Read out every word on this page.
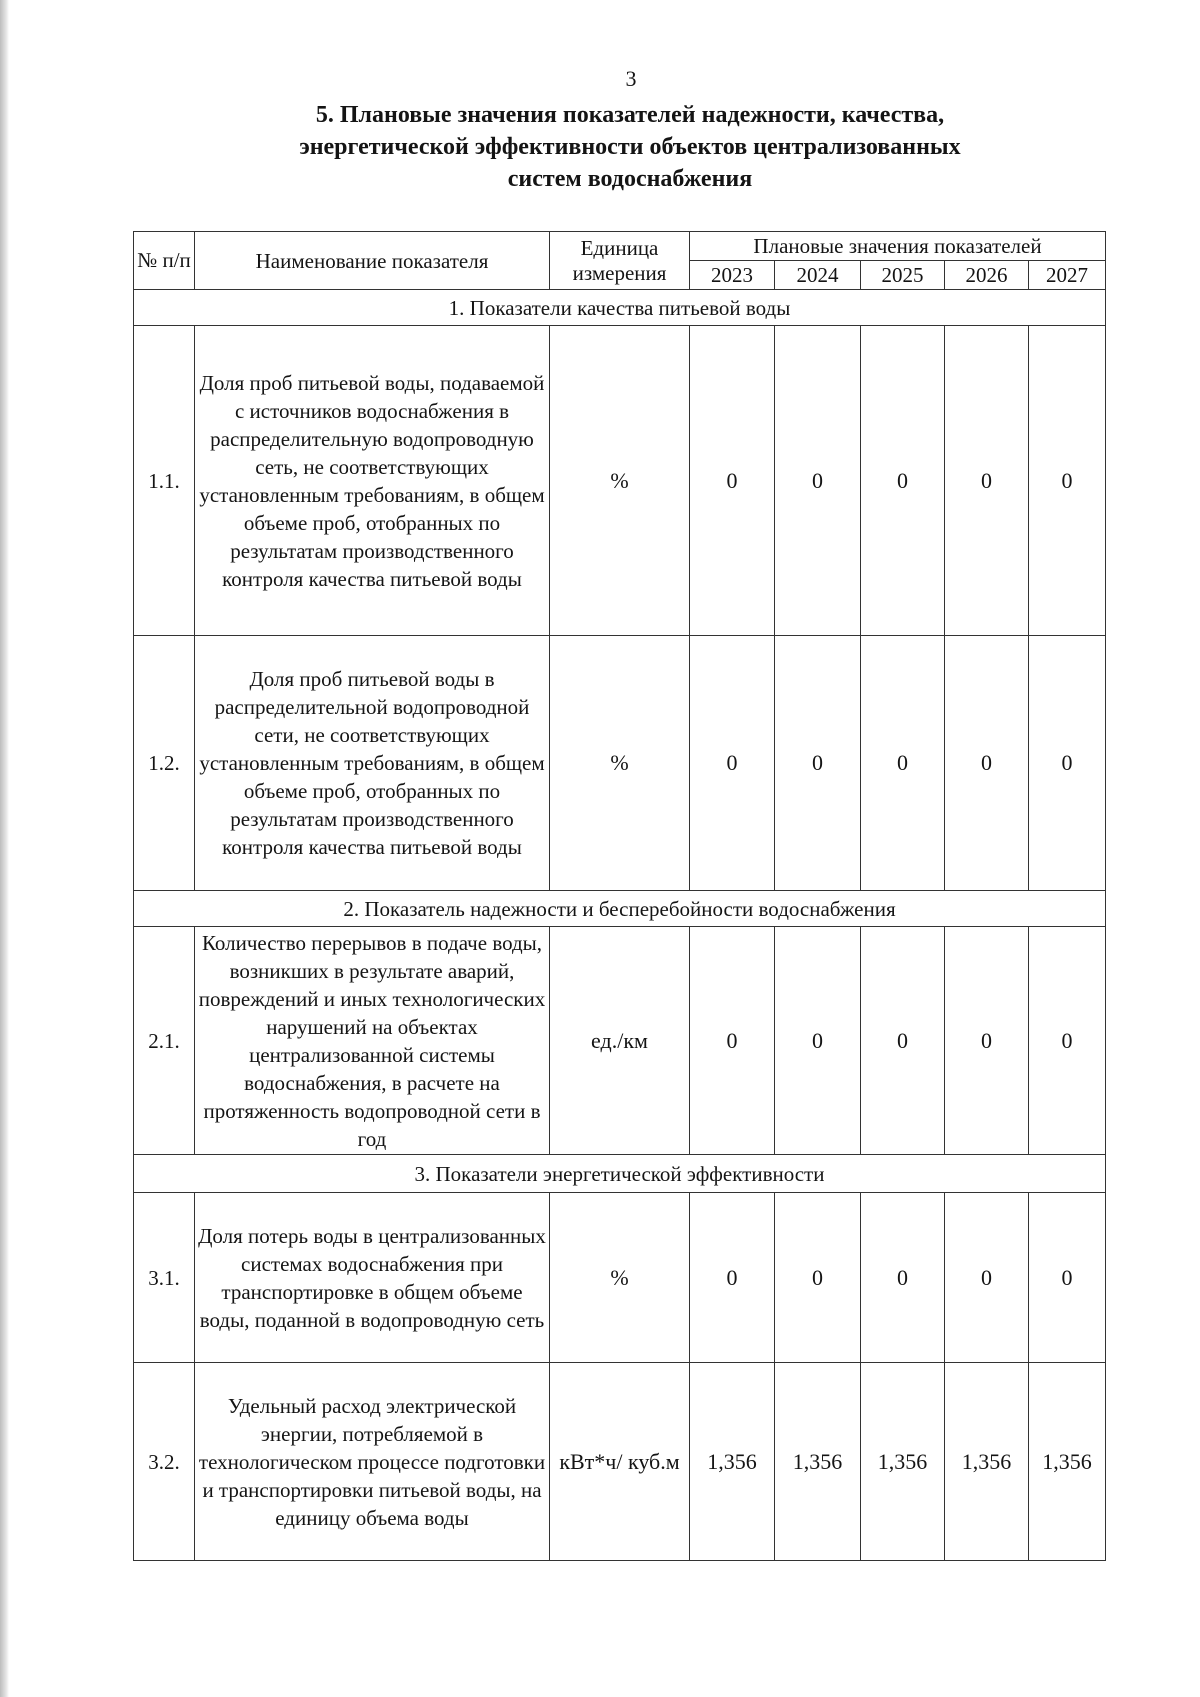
3
5. Плановые значения показателей надежности, качества,
энергетической эффективности объектов централизованных
систем водоснабжения
№ п/п	Наименование показателя	Единица измерения	Плановые значения показателей				
			2023	2024	2025	2026	2027
1. Показатели качества питьевой воды							
1.1.	Доля проб питьевой воды, подаваемой с источников водоснабжения в распределительную водопроводную сеть, не соответствующих установленным требованиям, в общем объеме проб, отобранных по результатам производственного контроля качества питьевой воды	%	0	0	0	0	0
1.2.	Доля проб питьевой воды в распределительной водопроводной сети, не соответствующих установленным требованиям, в общем объеме проб, отобранных по результатам производственного контроля качества питьевой воды	%	0	0	0	0	0
2. Показатель надежности и бесперебойности водоснабжения							
2.1.	Количество перерывов в подаче воды, возникших в результате аварий, повреждений и иных технологических нарушений на объектах централизованной системы водоснабжения, в расчете на протяженность водопроводной сети в год	ед./км	0	0	0	0	0
3. Показатели энергетической эффективности							
3.1.	Доля потерь воды в централизованных системах водоснабжения при транспортировке в общем объеме воды, поданной в водопроводную сеть	%	0	0	0	0	0
3.2.	Удельный расход электрической энергии, потребляемой в технологическом процессе подготовки и транспортировки питьевой воды, на единицу объема воды	кВт*ч/ куб.м	1,356	1,356	1,356	1,356	1,356
